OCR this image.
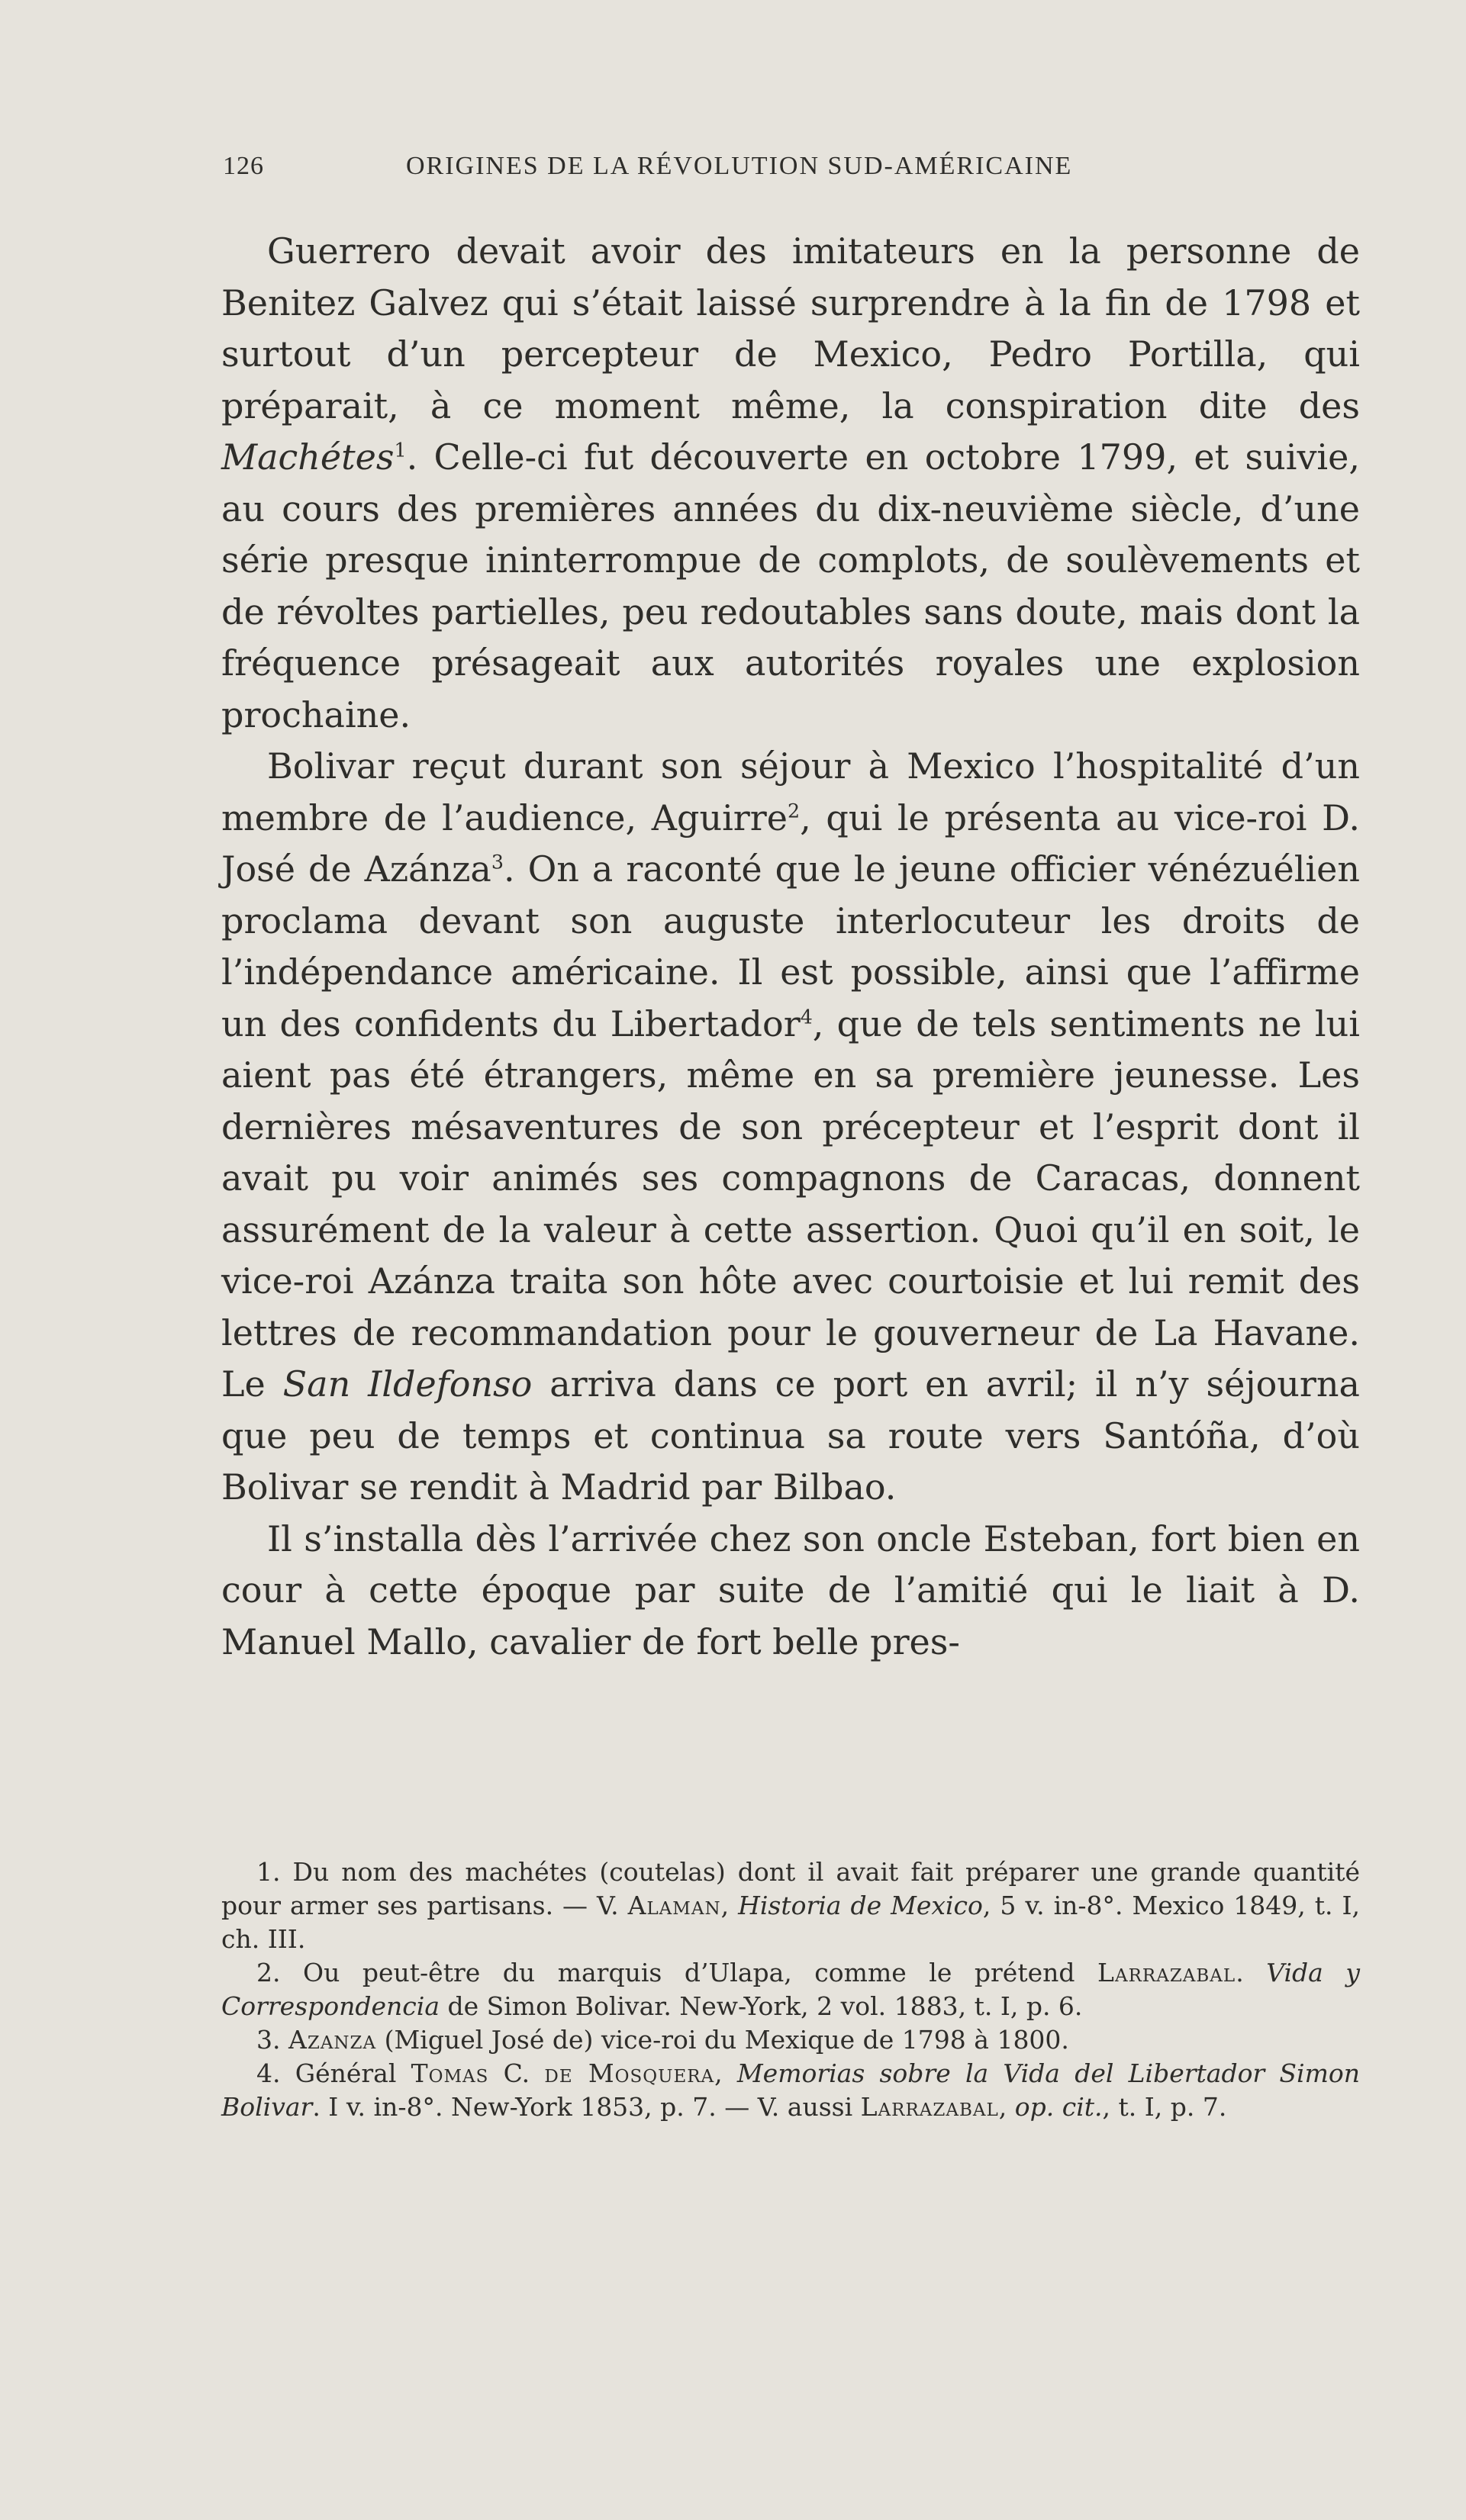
126	ORIGINES DE LA RÉVOLUTION SUD-AMÉRICAINE

Guerrero devait avoir des imitateurs en la personne de Benitez Galvez qui s’était laissé surprendre à la fin de 1798 et surtout d’un percepteur de Mexico, Pedro Portilla, qui préparait, à ce moment même, la conspiration dite des Machétes$^1$. Celle-ci fut découverte en octobre 1799, et suivie, au cours des premières années du dix-neuvième siècle, d’une série presque ininterrompue de complots, de soulèvements et de révoltes partielles, peu redoutables sans doute, mais dont la fréquence présageait aux autorités royales une explosion prochaine.

Bolivar reçut durant son séjour à Mexico l’hospitalité d’un membre de l’audience, Aguirre$^2$, qui le présenta au vice-roi D. José de Azánza$^3$. On a raconté que le jeune officier vénézuélien proclama devant son auguste interlocuteur les droits de l’indépendance américaine. Il est possible, ainsi que l’affirme un des confidents du Libertador$^4$, que de tels sentiments ne lui aient pas été étrangers, même en sa première jeunesse. Les dernières mésaventures de son précepteur et l’esprit dont il avait pu voir animés ses compagnons de Caracas, donnent assurément de la valeur à cette assertion. Quoi qu’il en soit, le vice-roi Azánza traita son hôte avec courtoisie et lui remit des lettres de recommandation pour le gouverneur de La Havane. Le San Ildefonso arriva dans ce port en avril; il n’y séjourna que peu de temps et continua sa route vers Santóña, d’où Bolivar se rendit à Madrid par Bilbao.

Il s’installa dès l’arrivée chez son oncle Esteban, fort bien en cour à cette époque par suite de l’amitié qui le liait à D. Manuel Mallo, cavalier de fort belle pres-

1. Du nom des machétes (coutelas) dont il avait fait préparer une grande quantité pour armer ses partisans. — V. Alaman, Historia de Mexico, 5 v. in-8°. Mexico 1849, t. I, ch. III.

2. Ou peut-être du marquis d’Ulapa, comme le prétend Larrazabal. Vida y Correspondencia de Simon Bolivar. New-York, 2 vol. 1883, t. I, p. 6.

3. Azanza (Miguel José de) vice-roi du Mexique de 1798 à 1800.

4. Général Tomas C. de Mosquera, Memorias sobre la Vida del Libertador Simon Bolivar. I v. in-8°. New-York 1853, p. 7. — V. aussi Larrazabal, op. cit., t. I, p. 7.
